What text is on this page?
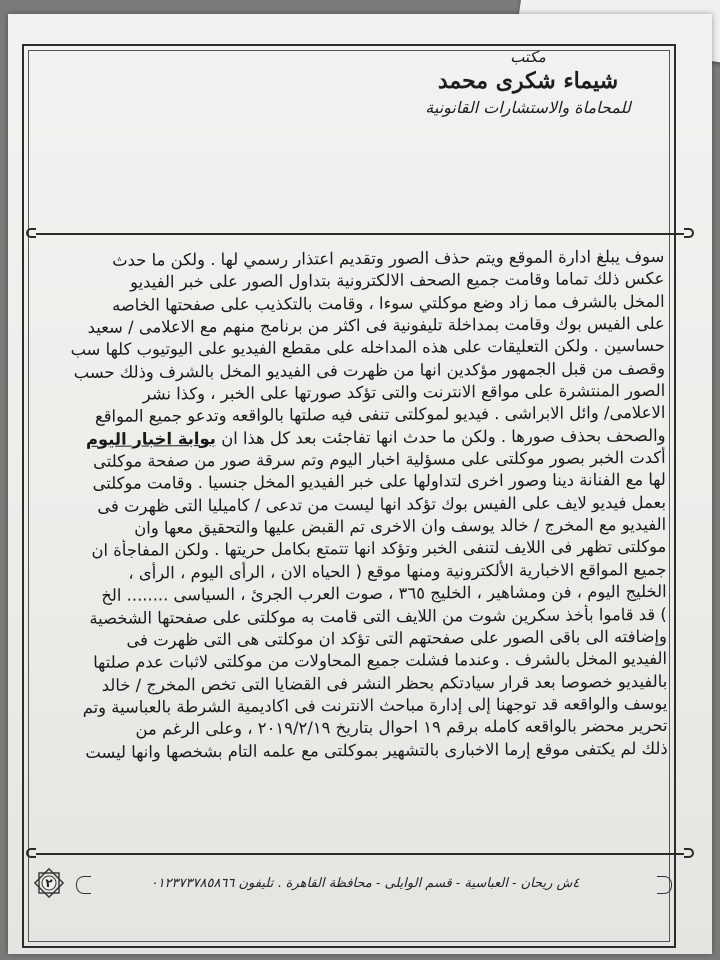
مكتب
شيماء شكرى محمد
للمحاماة والاستشارات القانونية
سوف يبلغ ادارة الموقع ويتم حذف الصور وتقديم اعتذار رسمي لها . ولكن ما حدث
عكس ذلك تماما وقامت جميع الصحف الالكترونية بتداول الصور على خبر الفيديو
المخل بالشرف مما زاد وضع موكلتي سوءا ، وقامت بالتكذيب على صفحتها الخاصه
على الفيس بوك وقامت بمداخلة تليفونية فى اكثر من برنامج منهم مع الاعلامى / سعيد
حساسين . ولكن التعليقات على هذه المداخله على مقطع الفيديو على اليوتيوب كلها سب
وقصف من قبل الجمهور مؤكدين انها من ظهرت فى الفيديو المخل بالشرف وذلك حسب
الصور المنتشرة على مواقع الانترنت والتى تؤكد صورتها على الخبر ، وكذا نشر
الاعلامى/ وائل الابراشى . فيديو لموكلتى تنفى فيه صلتها بالواقعه وتدعو جميع المواقع
والصحف بحذف صورها . ولكن ما حدث انها تفاجئت بعد كل هذا ان بوابة اخبار اليوم
أكدت الخبر بصور موكلتى على مسؤلية اخبار اليوم وتم سرقة صور من صفحة موكلتى
لها مع الفنانة دينا وصور اخرى لتداولها على خبر الفيديو المخل جنسيا . وقامت موكلتى
بعمل فيديو لايف على الفيس بوك تؤكد انها ليست من تدعى / كاميليا التى ظهرت فى
الفيديو مع المخرج / خالد يوسف وان الاخرى تم القبض عليها والتحقيق معها وان
موكلتى تظهر فى اللايف لتنفى الخبر وتؤكد انها تتمتع بكامل حريتها . ولكن المفاجأة ان
جميع المواقع الاخبارية الألكترونية ومنها موقع ( الحياه الان ، الرأى اليوم ، الرأى ،
الخليج اليوم ، فن ومشاهير ، الخليج ٣٦٥ ، صوت العرب الجرئ ، السياسى ........ الخ
) قد قاموا بأخذ سكرين شوت من اللايف التى قامت به موكلتى على صفحتها الشخصية
وإضافته الى باقى الصور على صفحتهم التى تؤكد ان موكلتى هى التى ظهرت فى
الفيديو المخل بالشرف . وعندما فشلت جميع المحاولات من موكلتى لاثبات عدم صلتها
بالفيديو خصوصا بعد قرار سيادتكم بحظر النشر فى القضايا التى تخص المخرج / خالد
يوسف والواقعه قد توجهنا إلى إدارة مباحث الانترنت فى اكاديمية الشرطة بالعباسية وتم
تحرير محضر بالواقعه كامله برقم ١٩ احوال بتاريخ ٢٠١٩/٢/١٩ ، وعلى الرغم من
ذلك لم يكتفى موقع إرما الاخبارى بالتشهير بموكلتى مع علمه التام بشخصها وانها ليست
٤ش ريحان - العباسية - قسم الوايلى - محافظة القاهرة . تليفون ٠١٢٣٧٣٧٨٥٨٦٦
٢
